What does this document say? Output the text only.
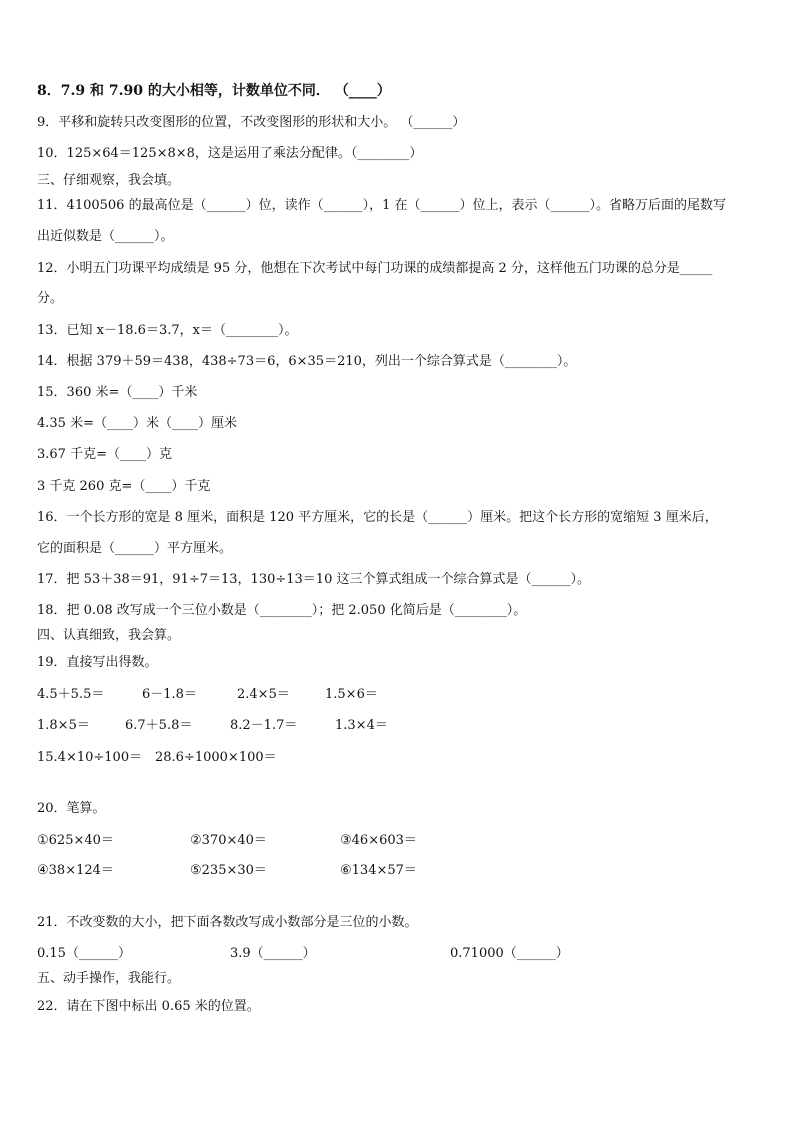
8．7.9 和 7.90 的大小相等，计数单位不同． （____）
9．平移和旋转只改变图形的位置，不改变图形的形状和大小。 （______）
10．125×64＝125×8×8，这是运用了乘法分配律。（________）
三、仔细观察，我会填。
11．4100506 的最高位是（______）位，读作（______），1 在（______）位上，表示（______）。省略万后面的尾数写
出近似数是（______）。
12．小明五门功课平均成绩是 95 分，他想在下次考试中每门功课的成绩都提高 2 分，这样他五门功课的总分是_____
分。
13．已知 x－18.6＝3.7，x＝（________）。
14．根据 379＋59＝438，438÷73＝6，6×35＝210，列出一个综合算式是（________）。
15．360 米=（____）千米
4.35 米=（____）米（____）厘米
3.67 千克=（____）克
3 千克 260 克=（____）千克
16．一个长方形的宽是 8 厘米，面积是 120 平方厘米，它的长是（______）厘米。把这个长方形的宽缩短 3 厘米后，
它的面积是（______）平方厘米。
17．把 53＋38＝91，91÷7＝13，130÷13＝10 这三个算式组成一个综合算式是（______）。
18．把 0.08 改写成一个三位小数是（________）；把 2.050 化简后是（________）。
四、认真细致，我会算。
19．直接写出得数。
4.5＋5.5＝	6－1.8＝	2.4×5＝	1.5×6＝
1.8×5＝	6.7＋5.8＝	8.2－1.7＝	1.3×4＝
15.4×10÷100＝ 28.6÷1000×100＝
20．笔算。
①625×40＝	②370×40＝	③46×603＝
④38×124＝	⑤235×30＝	⑥134×57＝
21．不改变数的大小，把下面各数改写成小数部分是三位的小数。
0.15（______）	3.9（______）	0.71000（______）
五、动手操作，我能行。
22．请在下图中标出 0.65 米的位置。
